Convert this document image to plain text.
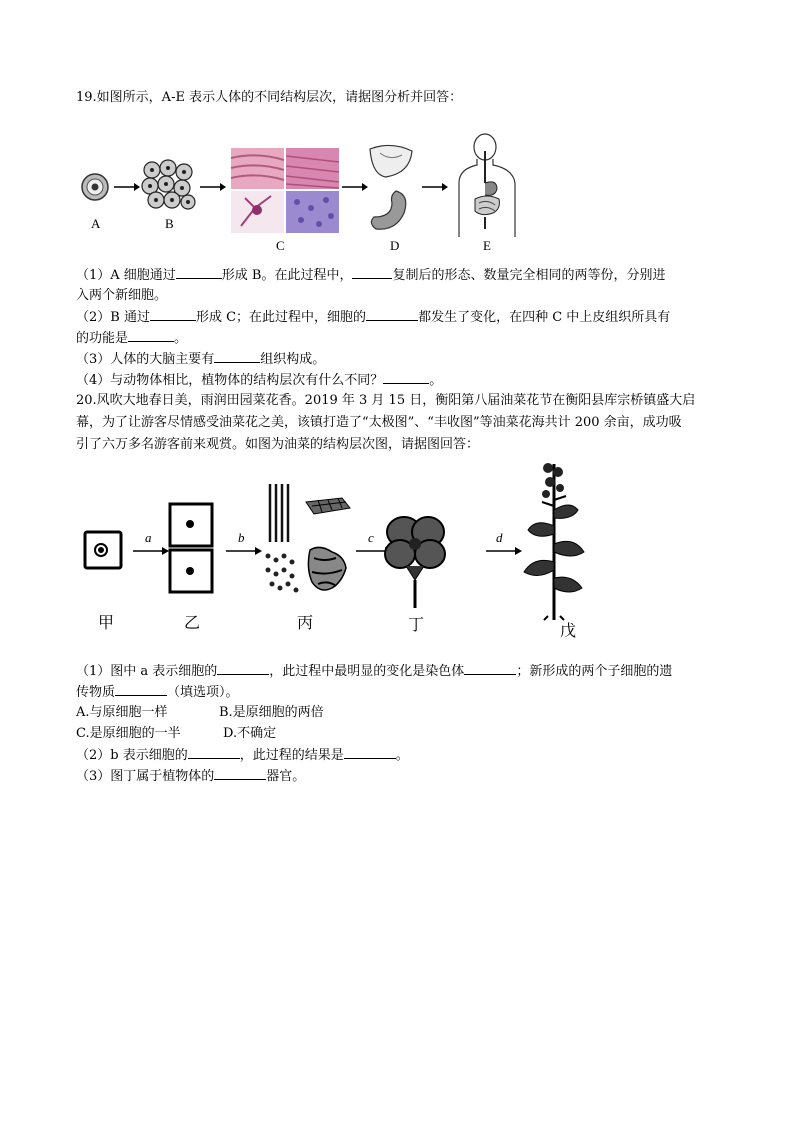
19.如图所示，A-E 表示人体的不同结构层次，请据图分析并回答：
A	B
C	D	E
（1）A 细胞通过	形成 B。在此过程中，	复制后的形态、数量完全相同的两等份，分别进
入两个新细胞。
（2）B 通过	形成 C；在此过程中，细胞的	都发生了变化，在四种 C 中上皮组织所具有
的功能是	。
（3）人体的大脑主要有	组织构成。
（4）与动物体相比，植物体的结构层次有什么不同？	。
20.风吹大地春日美，雨润田园菜花香。2019 年 3 月 15 日，衡阳第八届油菜花节在衡阳县库宗桥镇盛大启
幕，为了让游客尽情感受油菜花之美，该镇打造了“太极图”、“丰收图”等油菜花海共计 200 余亩，成功吸
引了六万多名游客前来观赏。如图为油菜的结构层次图，请据图回答：
a	b	c	d
甲	乙	丙	丁	戊
（1）图中 a 表示细胞的	，此过程中最明显的变化是染色体	；新形成的两个子细胞的遗
传物质	（填选项）。
A.与原细胞一样	B.是原细胞的两倍
C.是原细胞的一半	D.不确定
（2）b 表示细胞的	，此过程的结果是	。
（3）图丁属于植物体的	器官。
